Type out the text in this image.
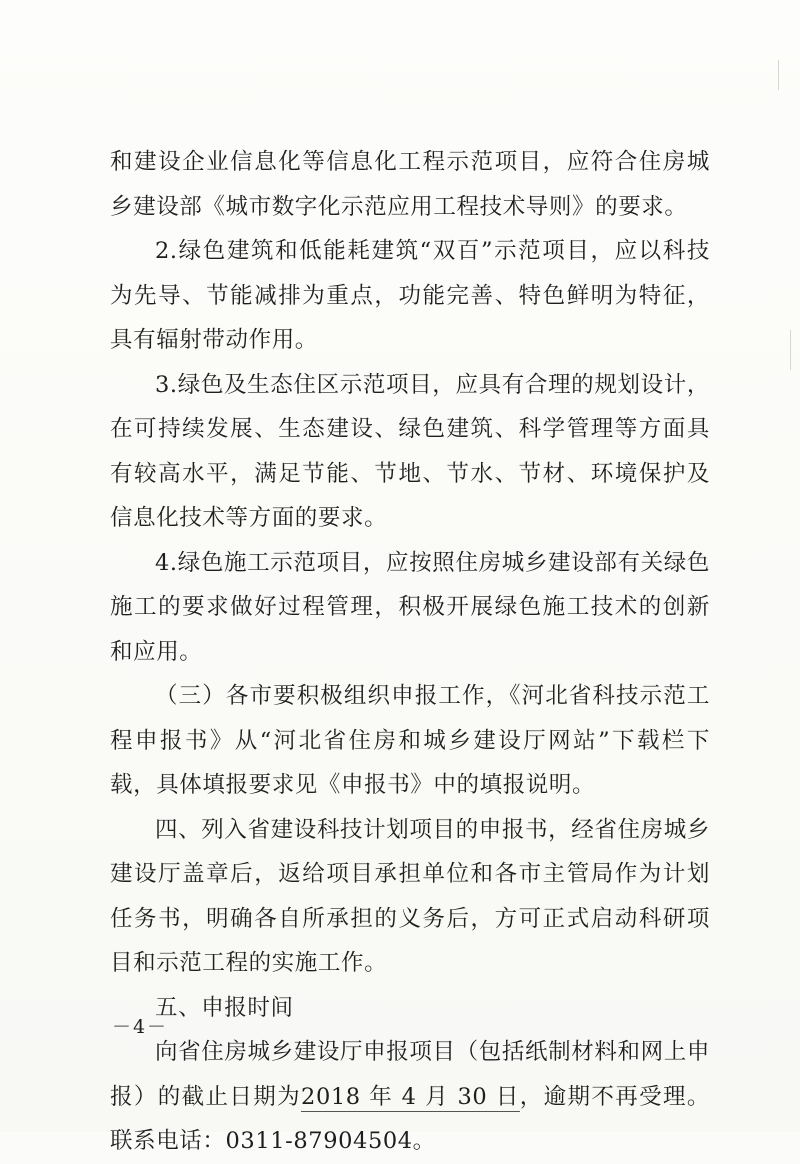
和建设企业信息化等信息化工程示范项目，应符合住房城乡建设部《城市数字化示范应用工程技术导则》的要求。

2.绿色建筑和低能耗建筑“双百”示范项目，应以科技为先导、节能减排为重点，功能完善、特色鲜明为特征，具有辐射带动作用。

3.绿色及生态住区示范项目，应具有合理的规划设计，在可持续发展、生态建设、绿色建筑、科学管理等方面具有较高水平，满足节能、节地、节水、节材、环境保护及信息化技术等方面的要求。

4.绿色施工示范项目，应按照住房城乡建设部有关绿色施工的要求做好过程管理，积极开展绿色施工技术的创新和应用。

（三）各市要积极组织申报工作，《河北省科技示范工程申报书》从“河北省住房和城乡建设厅网站”下载栏下载，具体填报要求见《申报书》中的填报说明。

四、列入省建设科技计划项目的申报书，经省住房城乡建设厅盖章后，返给项目承担单位和各市主管局作为计划任务书，明确各自所承担的义务后，方可正式启动科研项目和示范工程的实施工作。

五、申报时间

向省住房城乡建设厅申报项目（包括纸制材料和网上申报）的截止日期为2018 年 4 月 30 日，逾期不再受理。联系电话：0311-87904504。

－4－
